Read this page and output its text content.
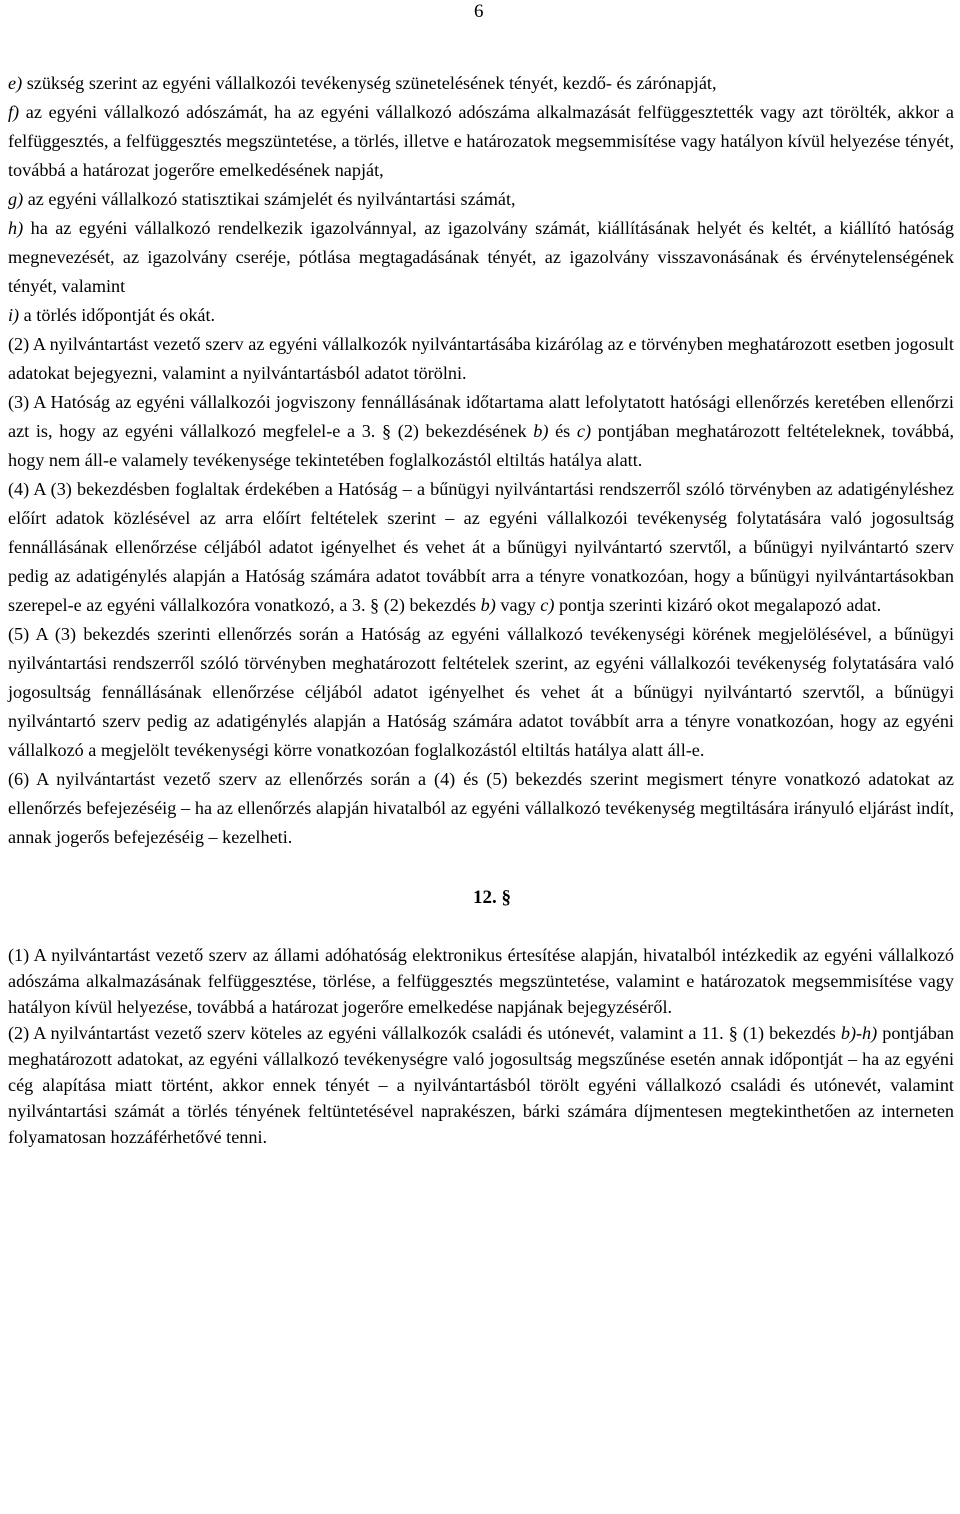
6

e) szükség szerint az egyéni vállalkozói tevékenység szünetelésének tényét, kezdő- és zárónapját,

f) az egyéni vállalkozó adószámát, ha az egyéni vállalkozó adószáma alkalmazását felfüggesztették vagy azt törölték, akkor a felfüggesztés, a felfüggesztés megszüntetése, a törlés, illetve e határozatok megsemmisítése vagy hatályon kívül helyezése tényét, továbbá a határozat jogerőre emelkedésének napját,

g) az egyéni vállalkozó statisztikai számjelét és nyilvántartási számát,

h) ha az egyéni vállalkozó rendelkezik igazolvánnyal, az igazolvány számát, kiállításának helyét és keltét, a kiállító hatóság megnevezését, az igazolvány cseréje, pótlása megtagadásának tényét, az igazolvány visszavonásának és érvénytelenségének tényét, valamint

i) a törlés időpontját és okát.

(2) A nyilvántartást vezető szerv az egyéni vállalkozók nyilvántartásába kizárólag az e törvényben meghatározott esetben jogosult adatokat bejegyezni, valamint a nyilvántartásból adatot törölni.

(3) A Hatóság az egyéni vállalkozói jogviszony fennállásának időtartama alatt lefolytatott hatósági ellenőrzés keretében ellenőrzi azt is, hogy az egyéni vállalkozó megfelel-e a 3. § (2) bekezdésének b) és c) pontjában meghatározott feltételeknek, továbbá, hogy nem áll-e valamely tevékenysége tekintetében foglalkozástól eltiltás hatálya alatt.

(4) A (3) bekezdésben foglaltak érdekében a Hatóság – a bűnügyi nyilvántartási rendszerről szóló törvényben az adatigényléshez előírt adatok közlésével az arra előírt feltételek szerint – az egyéni vállalkozói tevékenység folytatására való jogosultság fennállásának ellenőrzése céljából adatot igényelhet és vehet át a bűnügyi nyilvántartó szervtől, a bűnügyi nyilvántartó szerv pedig az adatigénylés alapján a Hatóság számára adatot továbbít arra a tényre vonatkozóan, hogy a bűnügyi nyilvántartásokban szerepel-e az egyéni vállalkozóra vonatkozó, a 3. § (2) bekezdés b) vagy c) pontja szerinti kizáró okot megalapozó adat.

(5) A (3) bekezdés szerinti ellenőrzés során a Hatóság az egyéni vállalkozó tevékenységi körének megjelölésével, a bűnügyi nyilvántartási rendszerről szóló törvényben meghatározott feltételek szerint, az egyéni vállalkozói tevékenység folytatására való jogosultság fennállásának ellenőrzése céljából adatot igényelhet és vehet át a bűnügyi nyilvántartó szervtől, a bűnügyi nyilvántartó szerv pedig az adatigénylés alapján a Hatóság számára adatot továbbít arra a tényre vonatkozóan, hogy az egyéni vállalkozó a megjelölt tevékenységi körre vonatkozóan foglalkozástól eltiltás hatálya alatt áll-e.

(6) A nyilvántartást vezető szerv az ellenőrzés során a (4) és (5) bekezdés szerint megismert tényre vonatkozó adatokat az ellenőrzés befejezéséig – ha az ellenőrzés alapján hivatalból az egyéni vállalkozó tevékenység megtiltására irányuló eljárást indít, annak jogerős befejezéséig – kezelheti.

12. §

(1) A nyilvántartást vezető szerv az állami adóhatóság elektronikus értesítése alapján, hivatalból intézkedik az egyéni vállalkozó adószáma alkalmazásának felfüggesztése, törlése, a felfüggesztés megszüntetése, valamint e határozatok megsemmisítése vagy hatályon kívül helyezése, továbbá a határozat jogerőre emelkedése napjának bejegyzéséről.

(2) A nyilvántartást vezető szerv köteles az egyéni vállalkozók családi és utónevét, valamint a 11. § (1) bekezdés b)-h) pontjában meghatározott adatokat, az egyéni vállalkozó tevékenységre való jogosultság megszűnése esetén annak időpontját – ha az egyéni cég alapítása miatt történt, akkor ennek tényét – a nyilvántartásból törölt egyéni vállalkozó családi és utónevét, valamint nyilvántartási számát a törlés tényének feltüntetésével naprakészen, bárki számára díjmentesen megtekinthetően az interneten folyamatosan hozzáférhetővé tenni.
